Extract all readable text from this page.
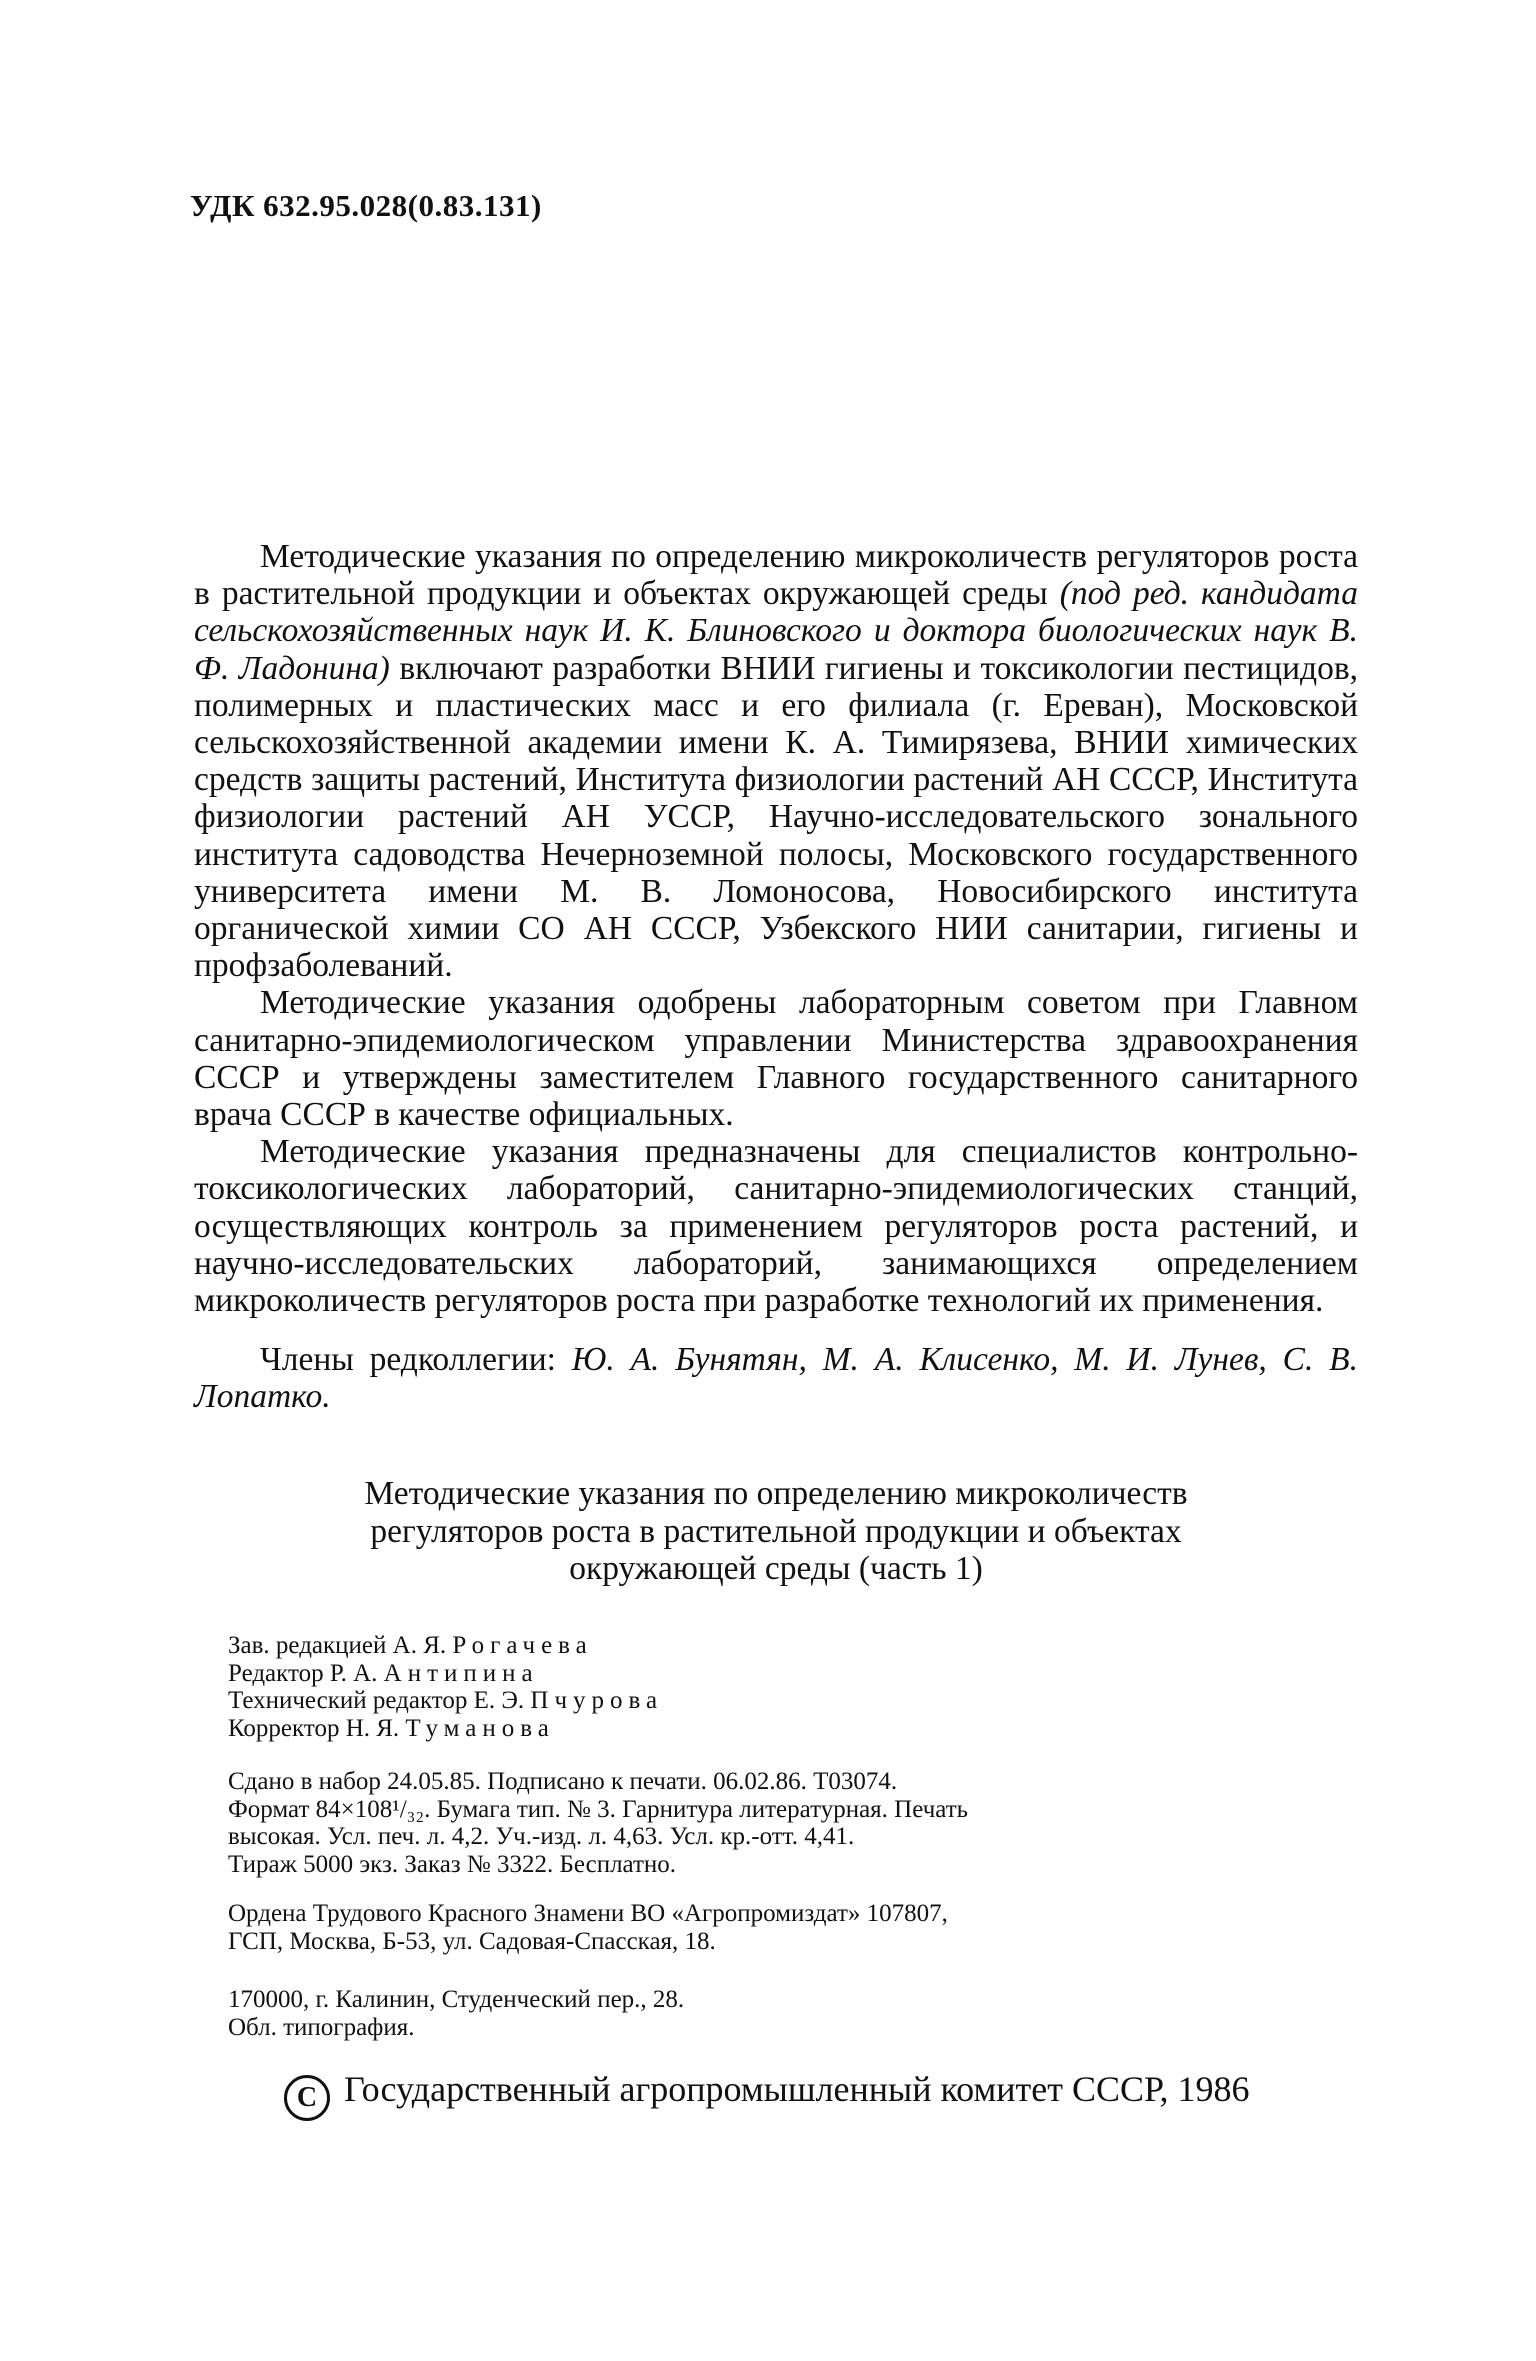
УДК 632.95.028(0.83.131)

Методические указания по определению микроколичеств регуляторов роста в растительной продукции и объектах окружающей среды (под ред. кандидата сельскохозяйственных наук И. К. Блиновского и доктора биологических наук В. Ф. Ладонина) включают разработки ВНИИ гигиены и токсикологии пестицидов, полимерных и пластических масс и его филиала (г. Ереван), Московской сельскохозяйственной академии имени К. А. Тимирязева, ВНИИ химических средств защиты растений, Института физиологии растений АН СССР, Института физиологии растений АН УССР, Научно-исследовательского зонального института садоводства Нечерноземной полосы, Московского государственного университета имени М. В. Ломоносова, Новосибирского института органической химии СО АН СССР, Узбекского НИИ санитарии, гигиены и профзаболеваний.

Методические указания одобрены лабораторным советом при Главном санитарно-эпидемиологическом управлении Министерства здравоохранения СССР и утверждены заместителем Главного государственного санитарного врача СССР в качестве официальных.

Методические указания предназначены для специалистов контрольно-токсикологических лабораторий, санитарно-эпидемиологических станций, осуществляющих контроль за применением регуляторов роста растений, и научно-исследовательских лабораторий, занимающихся определением микроколичеств регуляторов роста при разработке технологий их применения.

Члены редколлегии: Ю. А. Бунятян, М. А. Клисенко, М. И. Лунев, С. В. Лопатко.

Методические указания по определению микроколичеств
регуляторов роста в растительной продукции и объектах
окружающей среды (часть 1)
Зав. редакцией А. Я. Рогачева
Редактор Р. А. Антипина
Технический редактор Е. Э. Пчурова
Корректор Н. Я. Туманова
Сдано в набор 24.05.85. Подписано к печати. 06.02.86. Т03074.
Формат 84×108¹/₃₂. Бумага тип. № 3. Гарнитура литературная. Печать
высокая. Усл. печ. л. 4,2. Уч.-изд. л. 4,63. Усл. кр.-отт. 4,41.
Тираж 5000 экз. Заказ № 3322. Бесплатно.
Ордена Трудового Красного Знамени ВО «Агропромиздат» 107807,
ГСП, Москва, Б-53, ул. Садовая-Спасская, 18.
170000, г. Калинин, Студенческий пер., 28.
Обл. типография.
C Государственный агропромышленный комитет СССР, 1986
